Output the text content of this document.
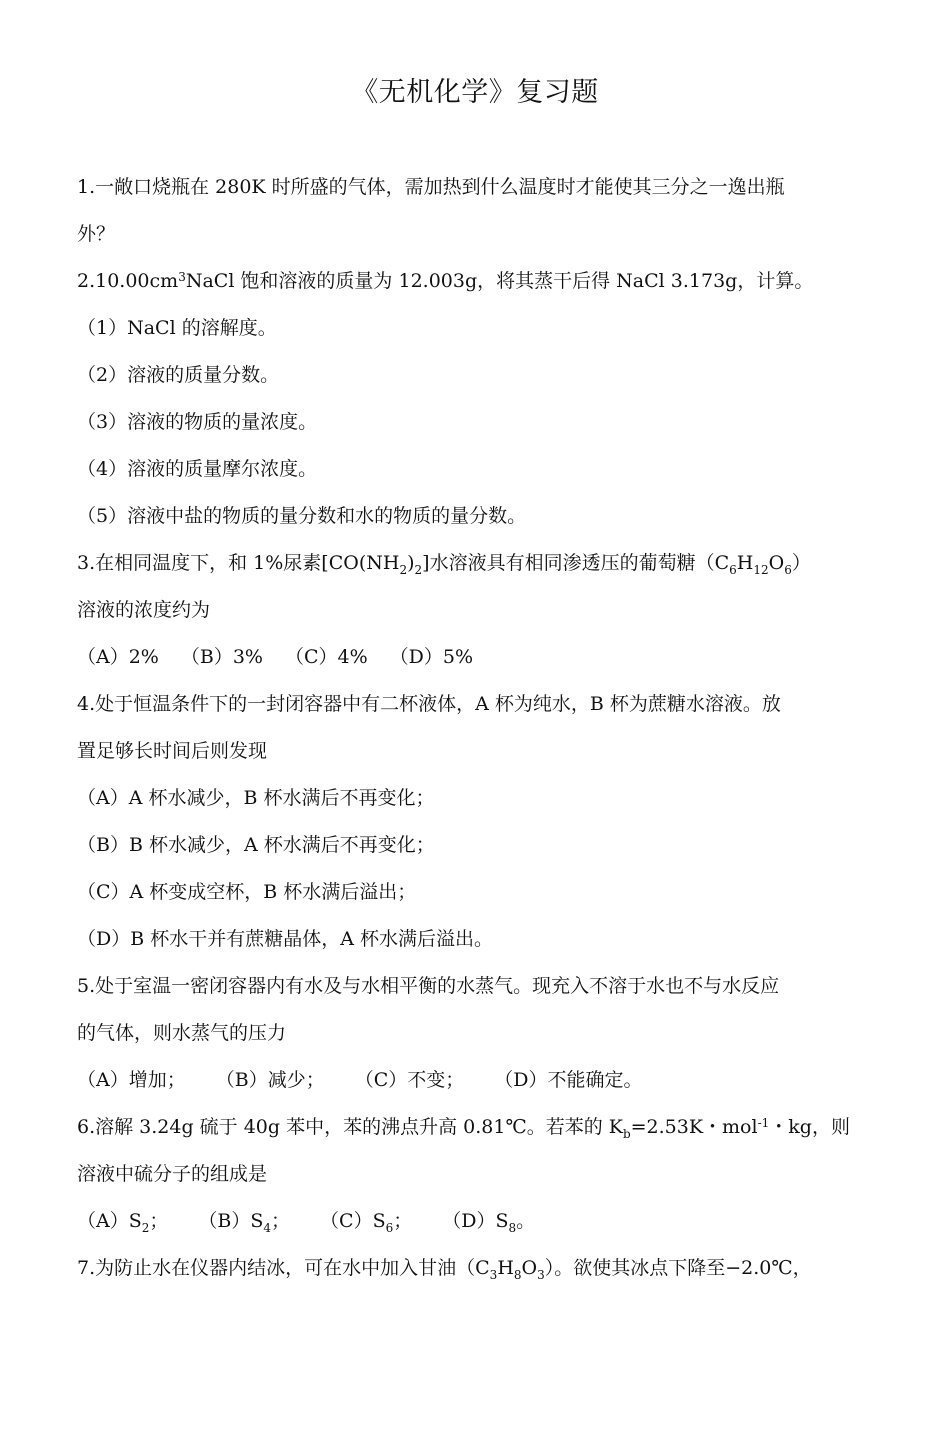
《无机化学》复习题
1.一敞口烧瓶在 280K 时所盛的气体，需加热到什么温度时才能使其三分之一逸出瓶
外？
$2.10.00cm^3NaCl$ 饱和溶液的质量为 12.003g，将其蒸干后得 NaCl 3.173g，计算。
（1）NaCl 的溶解度。
（2）溶液的质量分数。
（3）溶液的物质的量浓度。
（4）溶液的质量摩尔浓度。
（5）溶液中盐的物质的量分数和水的物质的量分数。
3.在相同温度下，和 1%尿素$[CO(NH_2)_2]$水溶液具有相同渗透压的葡萄糖$(C_6H_{12}O_6)$
溶液的浓度约为
（A）2% （B）3% （C）4% （D）5%
4.处于恒温条件下的一封闭容器中有二杯液体，A 杯为纯水，B 杯为蔗糖水溶液。放
置足够长时间后则发现
（A）A 杯水减少，B 杯水满后不再变化；
（B）B 杯水减少，A 杯水满后不再变化；
（C）A 杯变成空杯，B 杯水满后溢出；
（D）B 杯水干并有蔗糖晶体，A 杯水满后溢出。
5.处于室温一密闭容器内有水及与水相平衡的水蒸气。现充入不溶于水也不与水反应
的气体，则水蒸气的压力
（A）增加； （B）减少； （C）不变； （D）不能确定。
6.溶解 3.24g 硫于 40g 苯中，苯的沸点升高 0.81℃。若苯的 $K_b=2.53K$・mol$^{-1}$・kg，则
溶液中硫分子的组成是
$(A)S_2$； $(B)S_4$； $(C)S_6$； $(D)S_8$。
7.为防止水在仪器内结冰，可在水中加入甘油$(C_3H_8O_3)$。欲使其冰点下降至−2.0℃，
